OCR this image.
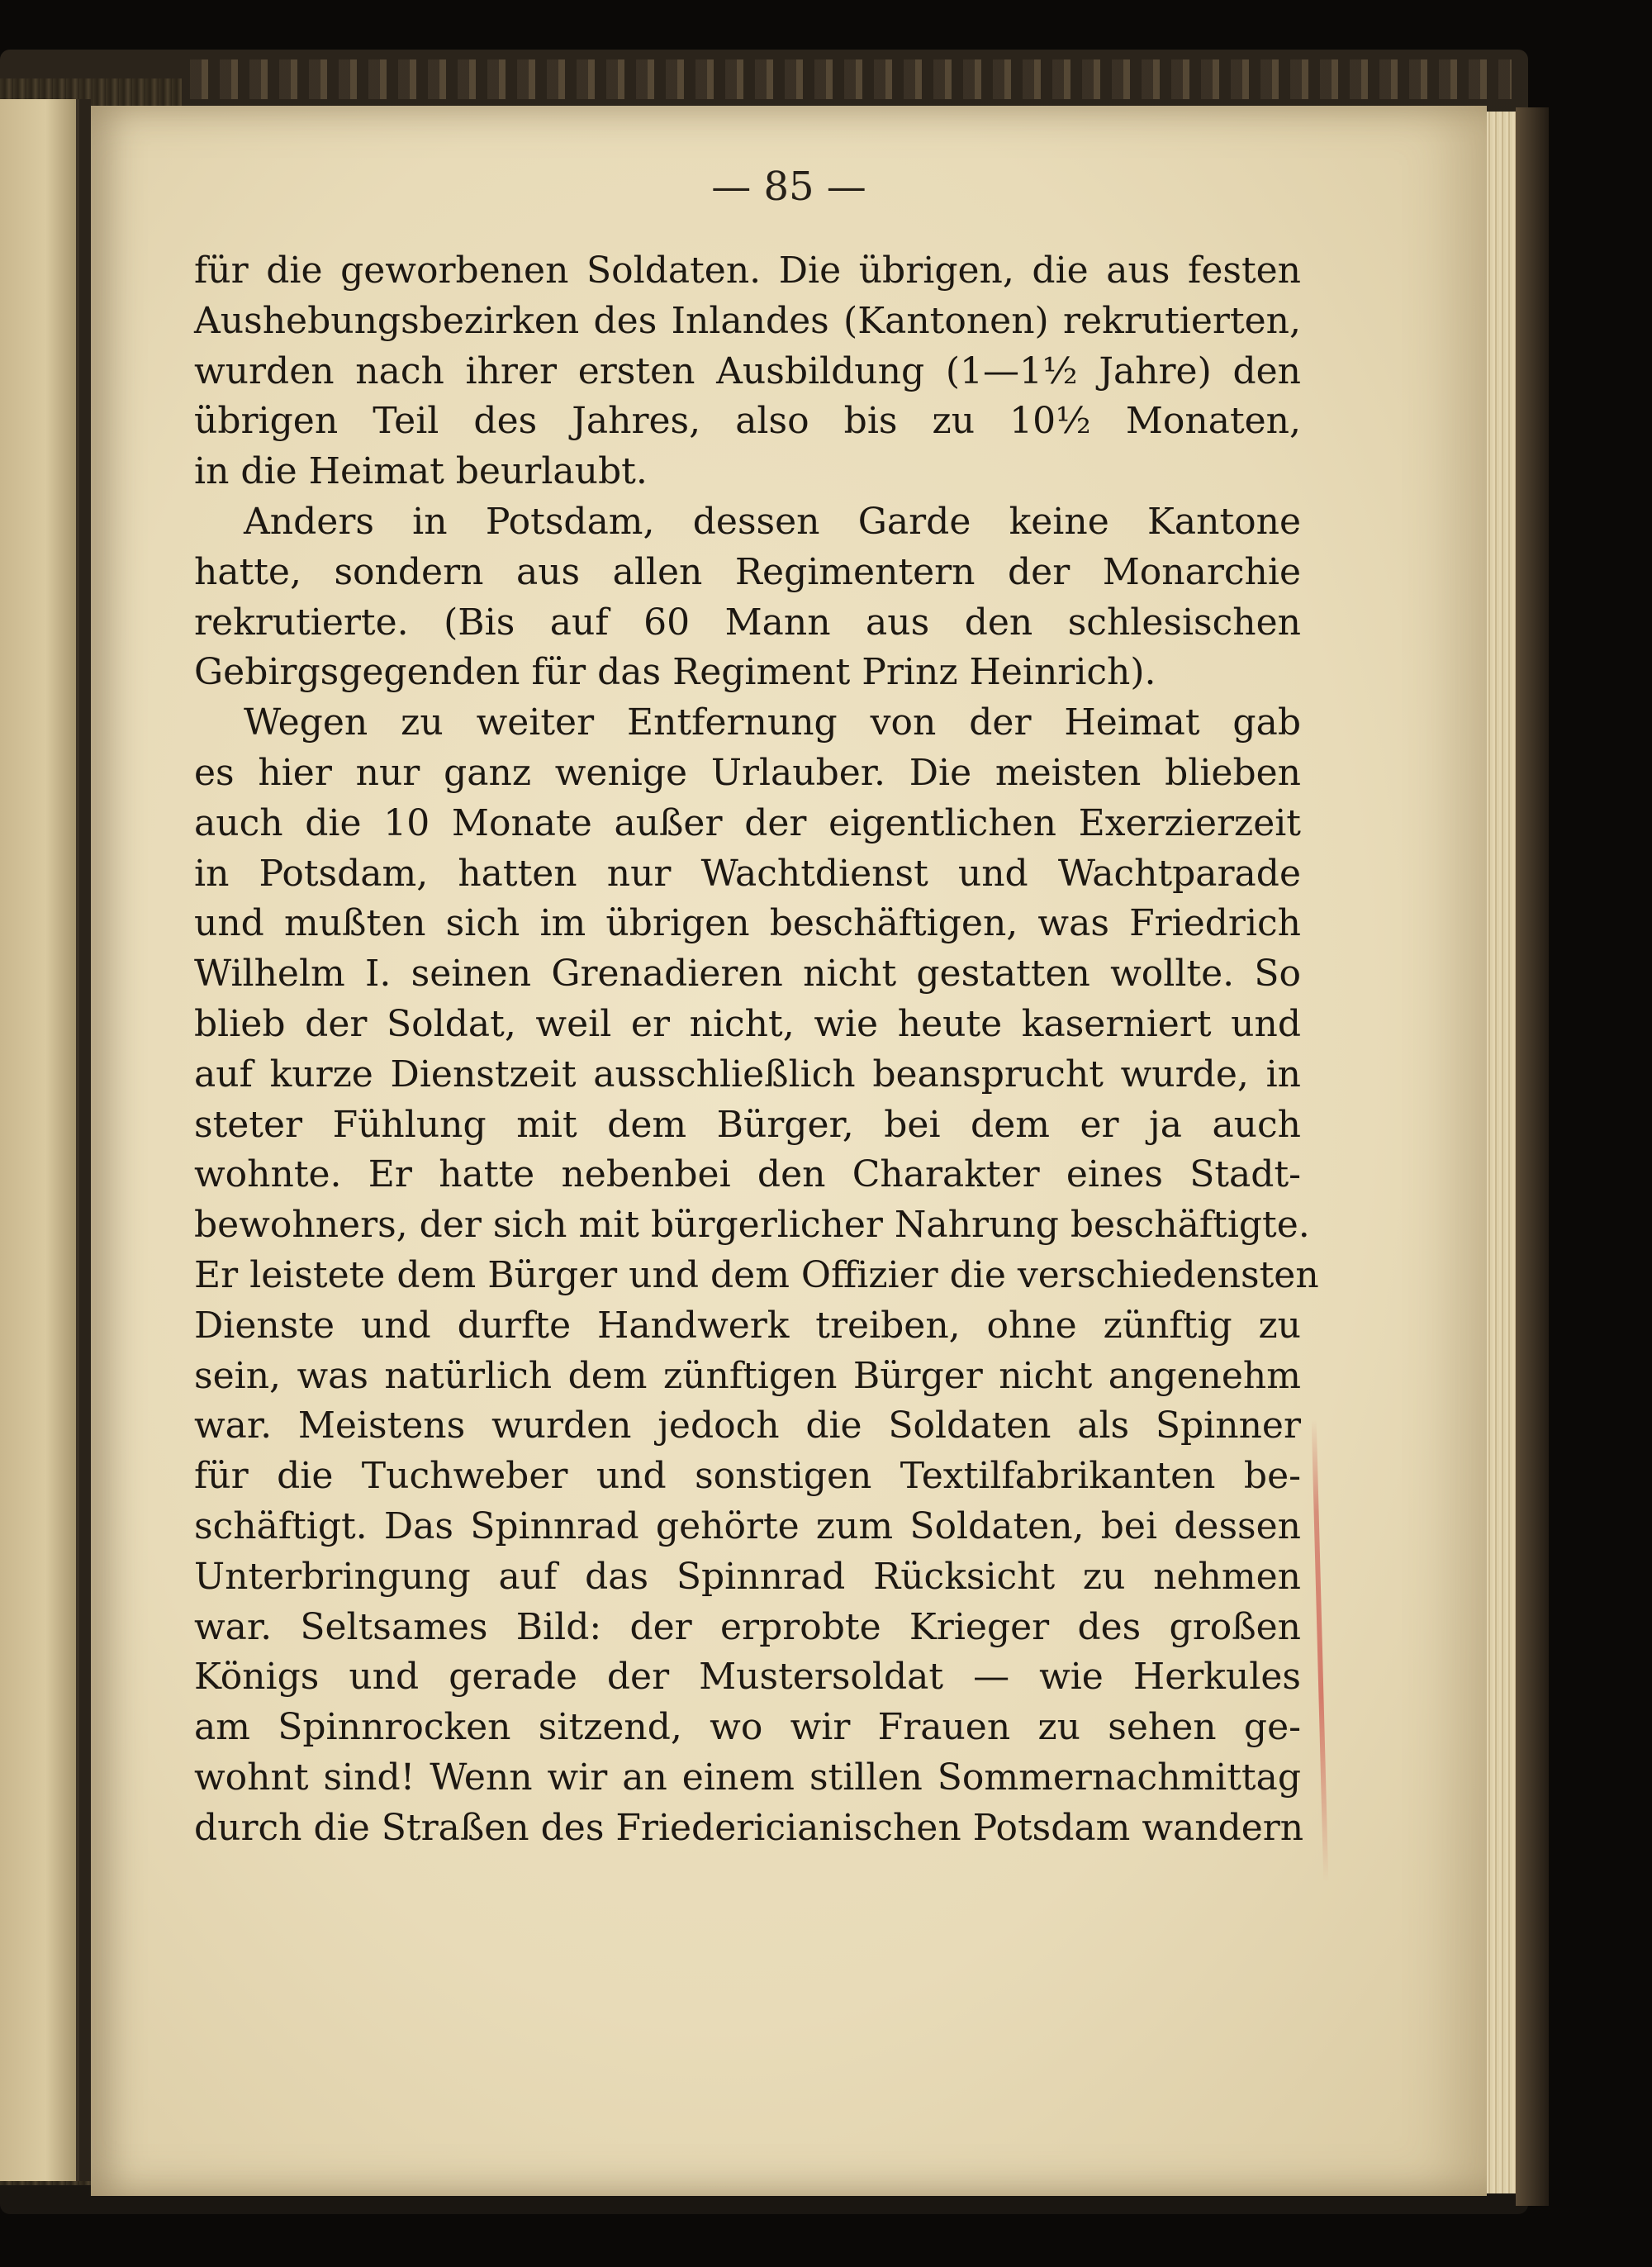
— 85 —
für die geworbenen Soldaten. Die übrigen, die aus festen
Aushebungsbezirken des Inlandes (Kantonen) rekrutierten,
wurden nach ihrer ersten Ausbildung (1—1½ Jahre) den
übrigen Teil des Jahres, also bis zu 10½ Monaten,
in die Heimat beurlaubt.
Anders in Potsdam, dessen Garde keine Kantone
hatte, sondern aus allen Regimentern der Monarchie
rekrutierte. (Bis auf 60 Mann aus den schlesischen
Gebirgsgegenden für das Regiment Prinz Heinrich).
Wegen zu weiter Entfernung von der Heimat gab
es hier nur ganz wenige Urlauber. Die meisten blieben
auch die 10 Monate außer der eigentlichen Exerzierzeit
in Potsdam, hatten nur Wachtdienst und Wachtparade
und mußten sich im übrigen beschäftigen, was Friedrich
Wilhelm I. seinen Grenadieren nicht gestatten wollte. So
blieb der Soldat, weil er nicht, wie heute kaserniert und
auf kurze Dienstzeit ausschließlich beansprucht wurde, in
steter Fühlung mit dem Bürger, bei dem er ja auch
wohnte. Er hatte nebenbei den Charakter eines Stadt-
bewohners, der sich mit bürgerlicher Nahrung beschäftigte.
Er leistete dem Bürger und dem Offizier die verschiedensten
Dienste und durfte Handwerk treiben, ohne zünftig zu
sein, was natürlich dem zünftigen Bürger nicht angenehm
war. Meistens wurden jedoch die Soldaten als Spinner
für die Tuchweber und sonstigen Textilfabrikanten be-
schäftigt. Das Spinnrad gehörte zum Soldaten, bei dessen
Unterbringung auf das Spinnrad Rücksicht zu nehmen
war. Seltsames Bild: der erprobte Krieger des großen
Königs und gerade der Mustersoldat — wie Herkules
am Spinnrocken sitzend, wo wir Frauen zu sehen ge-
wohnt sind! Wenn wir an einem stillen Sommernachmittag
durch die Straßen des Friedericianischen Potsdam wandern
